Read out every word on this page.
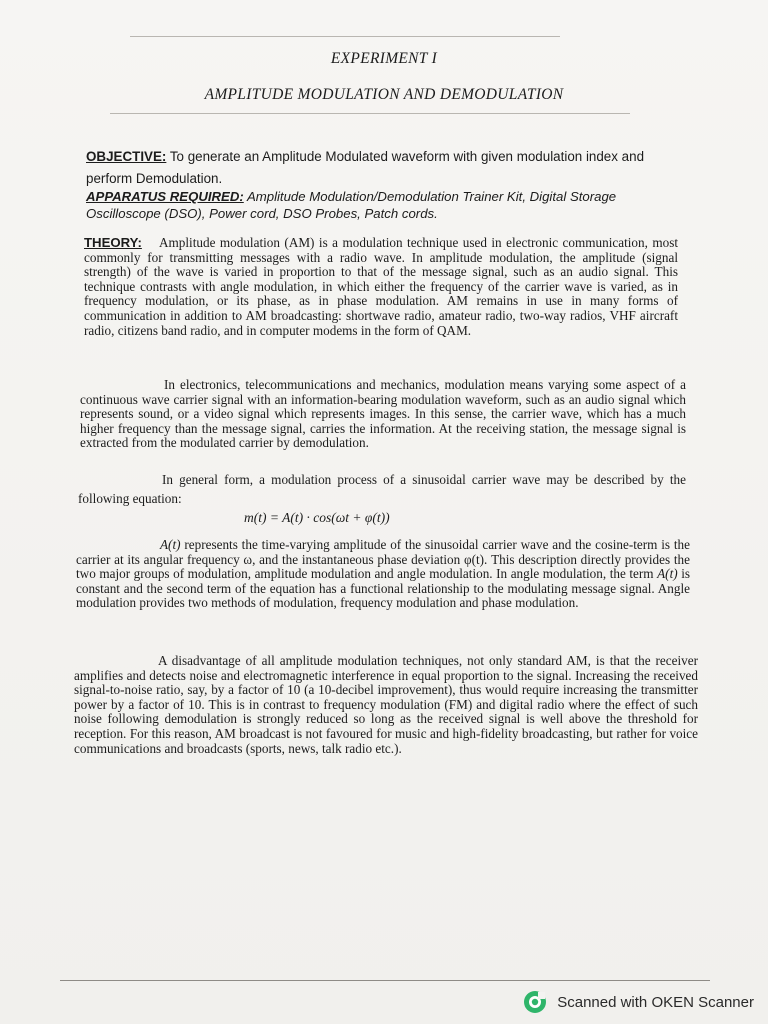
EXPERIMENT I
AMPLITUDE MODULATION AND DEMODULATION
OBJECTIVE: To generate an Amplitude Modulated waveform with given modulation index and perform Demodulation.
APPARATUS REQUIRED: Amplitude Modulation/Demodulation Trainer Kit, Digital Storage Oscilloscope (DSO), Power cord, DSO Probes, Patch cords.
THEORY: Amplitude modulation (AM) is a modulation technique used in electronic communication, most commonly for transmitting messages with a radio wave. In amplitude modulation, the amplitude (signal strength) of the wave is varied in proportion to that of the message signal, such as an audio signal. This technique contrasts with angle modulation, in which either the frequency of the carrier wave is varied, as in frequency modulation, or its phase, as in phase modulation. AM remains in use in many forms of communication in addition to AM broadcasting: shortwave radio, amateur radio, two-way radios, VHF aircraft radio, citizens band radio, and in computer modems in the form of QAM.
In electronics, telecommunications and mechanics, modulation means varying some aspect of a continuous wave carrier signal with an information-bearing modulation waveform, such as an audio signal which represents sound, or a video signal which represents images. In this sense, the carrier wave, which has a much higher frequency than the message signal, carries the information. At the receiving station, the message signal is extracted from the modulated carrier by demodulation.
In general form, a modulation process of a sinusoidal carrier wave may be described by the following equation:
m(t) = A(t) · cos(ωt + φ(t))
A(t) represents the time-varying amplitude of the sinusoidal carrier wave and the cosine-term is the carrier at its angular frequency ω, and the instantaneous phase deviation φ(t). This description directly provides the two major groups of modulation, amplitude modulation and angle modulation. In angle modulation, the term A(t) is constant and the second term of the equation has a functional relationship to the modulating message signal. Angle modulation provides two methods of modulation, frequency modulation and phase modulation.
A disadvantage of all amplitude modulation techniques, not only standard AM, is that the receiver amplifies and detects noise and electromagnetic interference in equal proportion to the signal. Increasing the received signal-to-noise ratio, say, by a factor of 10 (a 10-decibel improvement), thus would require increasing the transmitter power by a factor of 10. This is in contrast to frequency modulation (FM) and digital radio where the effect of such noise following demodulation is strongly reduced so long as the received signal is well above the threshold for reception. For this reason, AM broadcast is not favoured for music and high-fidelity broadcasting, but rather for voice communications and broadcasts (sports, news, talk radio etc.).
Scanned with OKEN Scanner
